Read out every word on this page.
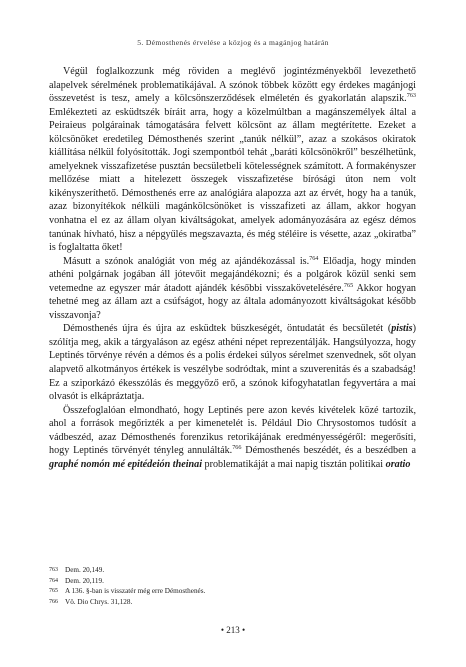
5. Démosthenés érvelése a közjog és a magánjog határán

Végül foglalkozzunk még röviden a meglévő jogintézményekből levezethető alapelvek sérelmének problematikájával. A szónok többek között egy érdekes magánjogi összevetést is tesz, amely a kölcsönszerződések elméletén és gyakorlatán alapszik.$^{763}$ Emlékezteti az esküdtszék bíráit arra, hogy a közelmúltban a magánszemélyek által a Peiraieus polgárainak támogatására felvett kölcsönt az állam megtérítette. Ezeket a kölcsönöket eredetileg Démosthenés szerint „tanúk nélkül”, azaz a szokásos okiratok kiállítása nélkül folyósították. Jogi szempontból tehát „baráti kölcsönökről” beszélhetünk, amelyeknek visszafizetése pusztán becsületbeli kötelességnek számított. A formakényszer mellőzése miatt a hitelezett összegek visszafizetése bírósági úton nem volt kikényszeríthető. Démosthenés erre az analógiára alapozza azt az érvét, hogy ha a tanúk, azaz bizonyítékok nélküli magánkölcsönöket is visszafizeti az állam, akkor hogyan vonhatna el ez az állam olyan kiváltságokat, amelyek adományozására az egész démos tanúnak hívható, hisz a népgyűlés megszavazta, és még stéléire is vésette, azaz „okiratba” is foglaltatta őket!

Másutt a szónok analógiát von még az ajándékozással is.$^{764}$ Előadja, hogy minden athéni polgárnak jogában áll jótevőit megajándékozni; és a polgárok közül senki sem vetemedne az egyszer már átadott ajándék későbbi visszakövetelésére.$^{765}$ Akkor hogyan tehetné meg az állam azt a csúfságot, hogy az általa adományozott kiváltságokat később visszavonja?

Démosthenés újra és újra az esküdtek büszkeségét, öntudatát és becsületét (pistis) szólítja meg, akik a tárgyaláson az egész athéni népet reprezentálják. Hangsúlyozza, hogy Leptinés törvénye révén a démos és a polis érdekei súlyos sérelmet szenvednek, sőt olyan alapvető alkotmányos értékek is veszélybe sodródtak, mint a szuverenitás és a szabadság! Ez a sziporkázó ékesszólás és meggyőző erő, a szónok kifogyhatatlan fegyvertára a mai olvasót is elkápráztatja.

Összefoglalóan elmondható, hogy Leptinés pere azon kevés kivételek közé tartozik, ahol a források megőrizték a per kimenetelét is. Például Dio Chrysostomos tudósít a vádbeszéd, azaz Démosthenés forenzikus retorikájának eredményességéről: megerősíti, hogy Leptinés törvényét tényleg annulálták.$^{766}$ Démosthenés beszédét, és a beszédben a graphé nomón mé epitédeión theinai problematikáját a mai napig tisztán politikai oratio

763 Dem. 20,149.
764 Dem. 20,119.
765 A 136. §-ban is visszatér még erre Démosthenés.
766 Vö. Dio Chrys. 31,128.
• 213 •
